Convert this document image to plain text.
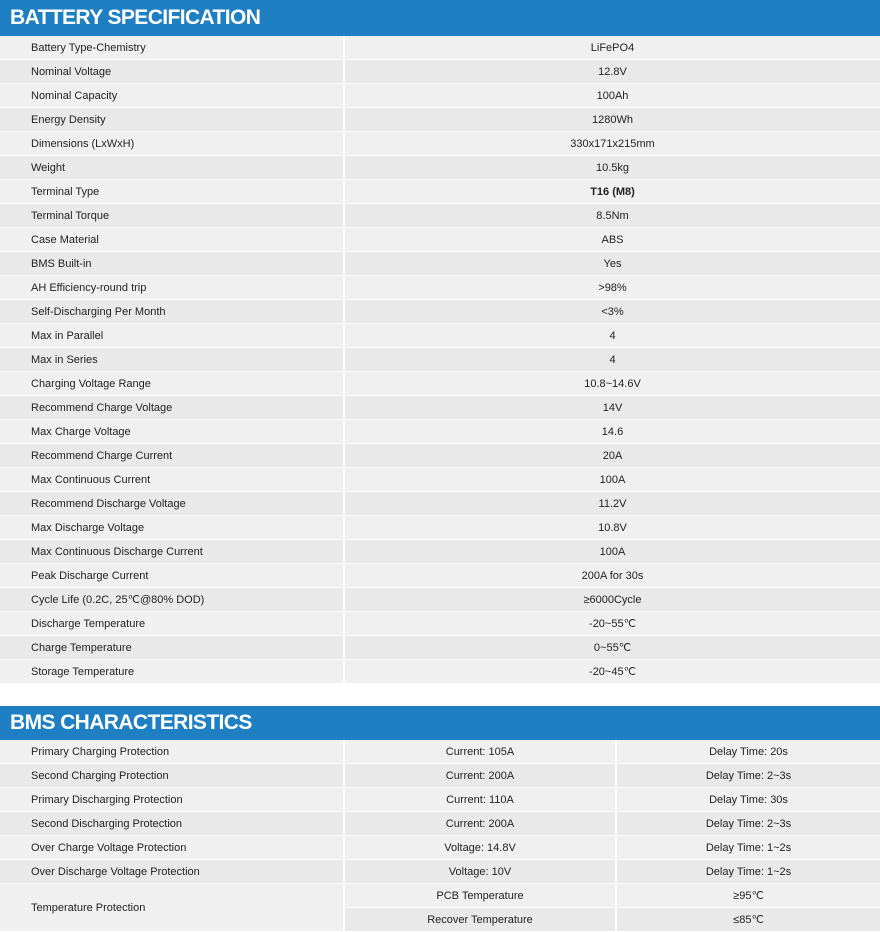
BATTERY SPECIFICATION
Battery Type-Chemistry	LiFePO4
Nominal Voltage	12.8V
Nominal Capacity	100Ah
Energy Density	1280Wh
Dimensions (LxWxH)	330x171x215mm
Weight	10.5kg
Terminal Type	T16 (M8)
Terminal Torque	8.5Nm
Case Material	ABS
BMS Built-in	Yes
AH Efficiency-round trip	>98%
Self-Discharging Per Month	<3%
Max in Parallel	4
Max in Series	4
Charging Voltage Range	10.8~14.6V
Recommend Charge Voltage	14V
Max Charge Voltage	14.6
Recommend Charge Current	20A
Max Continuous Current	100A
Recommend Discharge Voltage	11.2V
Max Discharge Voltage	10.8V
Max Continuous Discharge Current	100A
Peak Discharge Current	200A for 30s
Cycle Life (0.2C, 25℃@80% DOD)	≥6000Cycle
Discharge Temperature	-20~55℃
Charge Temperature	0~55℃
Storage Temperature	-20~45℃
BMS CHARACTERISTICS
Primary Charging Protection	Current: 105A	Delay Time: 20s
Second Charging Protection	Current: 200A	Delay Time: 2~3s
Primary Discharging Protection	Current: 110A	Delay Time: 30s
Second Discharging Protection	Current: 200A	Delay Time: 2~3s
Over Charge Voltage Protection	Voltage: 14.8V	Delay Time: 1~2s
Over Discharge Voltage Protection	Voltage: 10V	Delay Time: 1~2s
Temperature Protection	PCB Temperature	≥95℃
	Recover Temperature	≤85℃
